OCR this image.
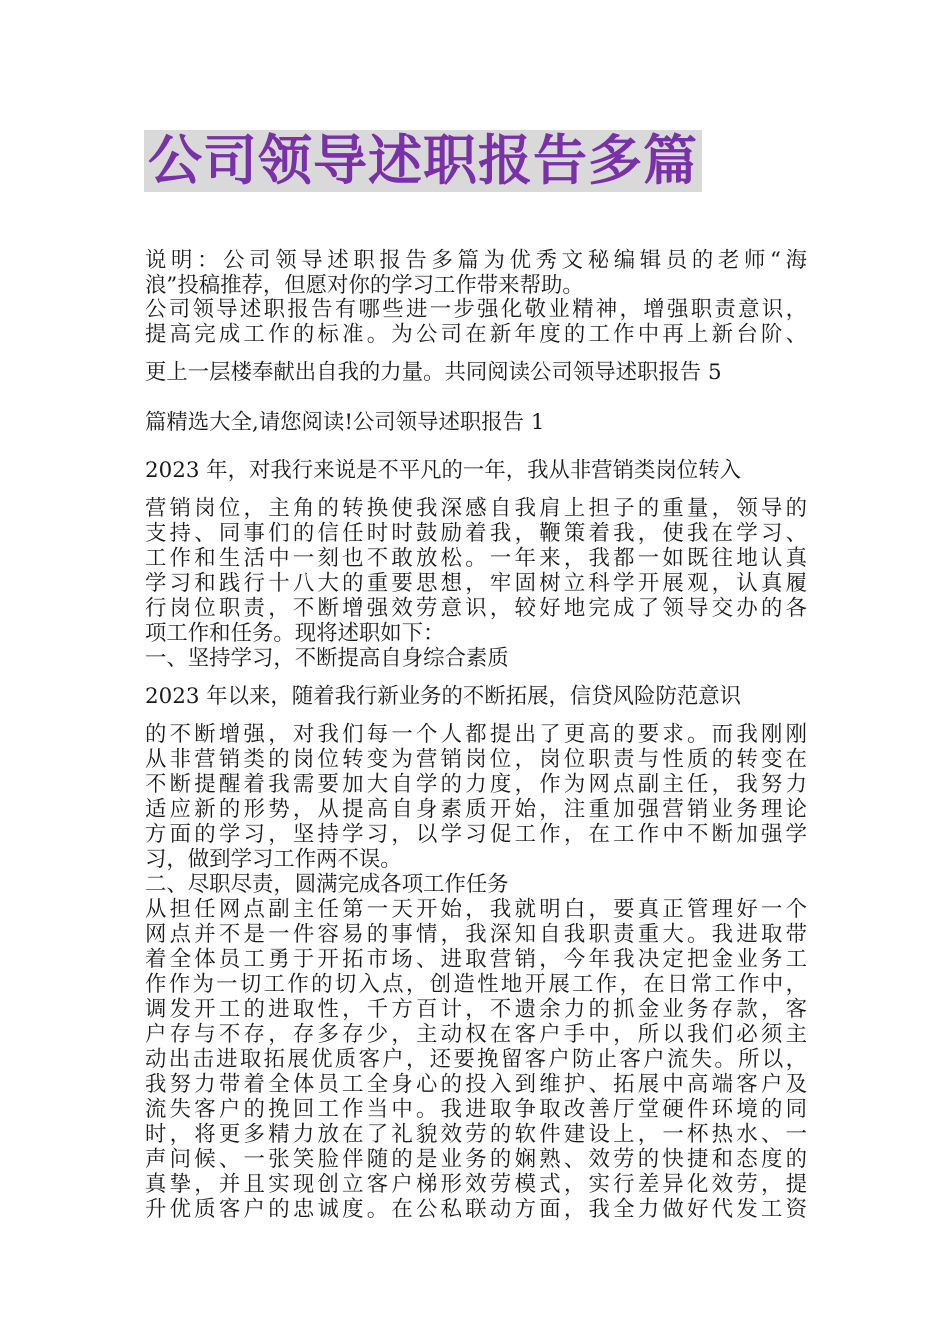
公司领导述职报告多篇
说明：公司领导述职报告多篇为优秀文秘编辑员的老师“海
浪”投稿推荐，但愿对你的学习工作带来帮助。
公司领导述职报告有哪些进一步强化敬业精神，增强职责意识，
提高完成工作的标准。为公司在新年度的工作中再上新台阶、
更上一层楼奉献出自我的力量。共同阅读公司领导述职报告 5
篇精选大全,请您阅读!公司领导述职报告 1
2023 年，对我行来说是不平凡的一年，我从非营销类岗位转入
营销岗位，主角的转换使我深感自我肩上担子的重量，领导的
支持、同事们的信任时时鼓励着我，鞭策着我，使我在学习、
工作和生活中一刻也不敢放松。一年来，我都一如既往地认真
学习和践行十八大的重要思想，牢固树立科学开展观，认真履
行岗位职责，不断增强效劳意识，较好地完成了领导交办的各
项工作和任务。现将述职如下：
一、坚持学习，不断提高自身综合素质
2023 年以来，随着我行新业务的不断拓展，信贷风险防范意识
的不断增强，对我们每一个人都提出了更高的要求。而我刚刚
从非营销类的岗位转变为营销岗位，岗位职责与性质的转变在
不断提醒着我需要加大自学的力度，作为网点副主任，我努力
适应新的形势，从提高自身素质开始，注重加强营销业务理论
方面的学习，坚持学习，以学习促工作，在工作中不断加强学
习，做到学习工作两不误。
二、尽职尽责，圆满完成各项工作任务
从担任网点副主任第一天开始，我就明白，要真正管理好一个
网点并不是一件容易的事情，我深知自我职责重大。我进取带
着全体员工勇于开拓市场、进取营销，今年我决定把金业务工
作作为一切工作的切入点，创造性地开展工作，在日常工作中，
调发开工的进取性，千方百计，不遗余力的抓金业务存款，客
户存与不存，存多存少，主动权在客户手中，所以我们必须主
动出击进取拓展优质客户，还要挽留客户防止客户流失。所以，
我努力带着全体员工全身心的投入到维护、拓展中高端客户及
流失客户的挽回工作当中。我进取争取改善厅堂硬件环境的同
时，将更多精力放在了礼貌效劳的软件建设上，一杯热水、一
声问候、一张笑脸伴随的是业务的娴熟、效劳的快捷和态度的
真挚，并且实现创立客户梯形效劳模式，实行差异化效劳，提
升优质客户的忠诚度。在公私联动方面，我全力做好代发工资
